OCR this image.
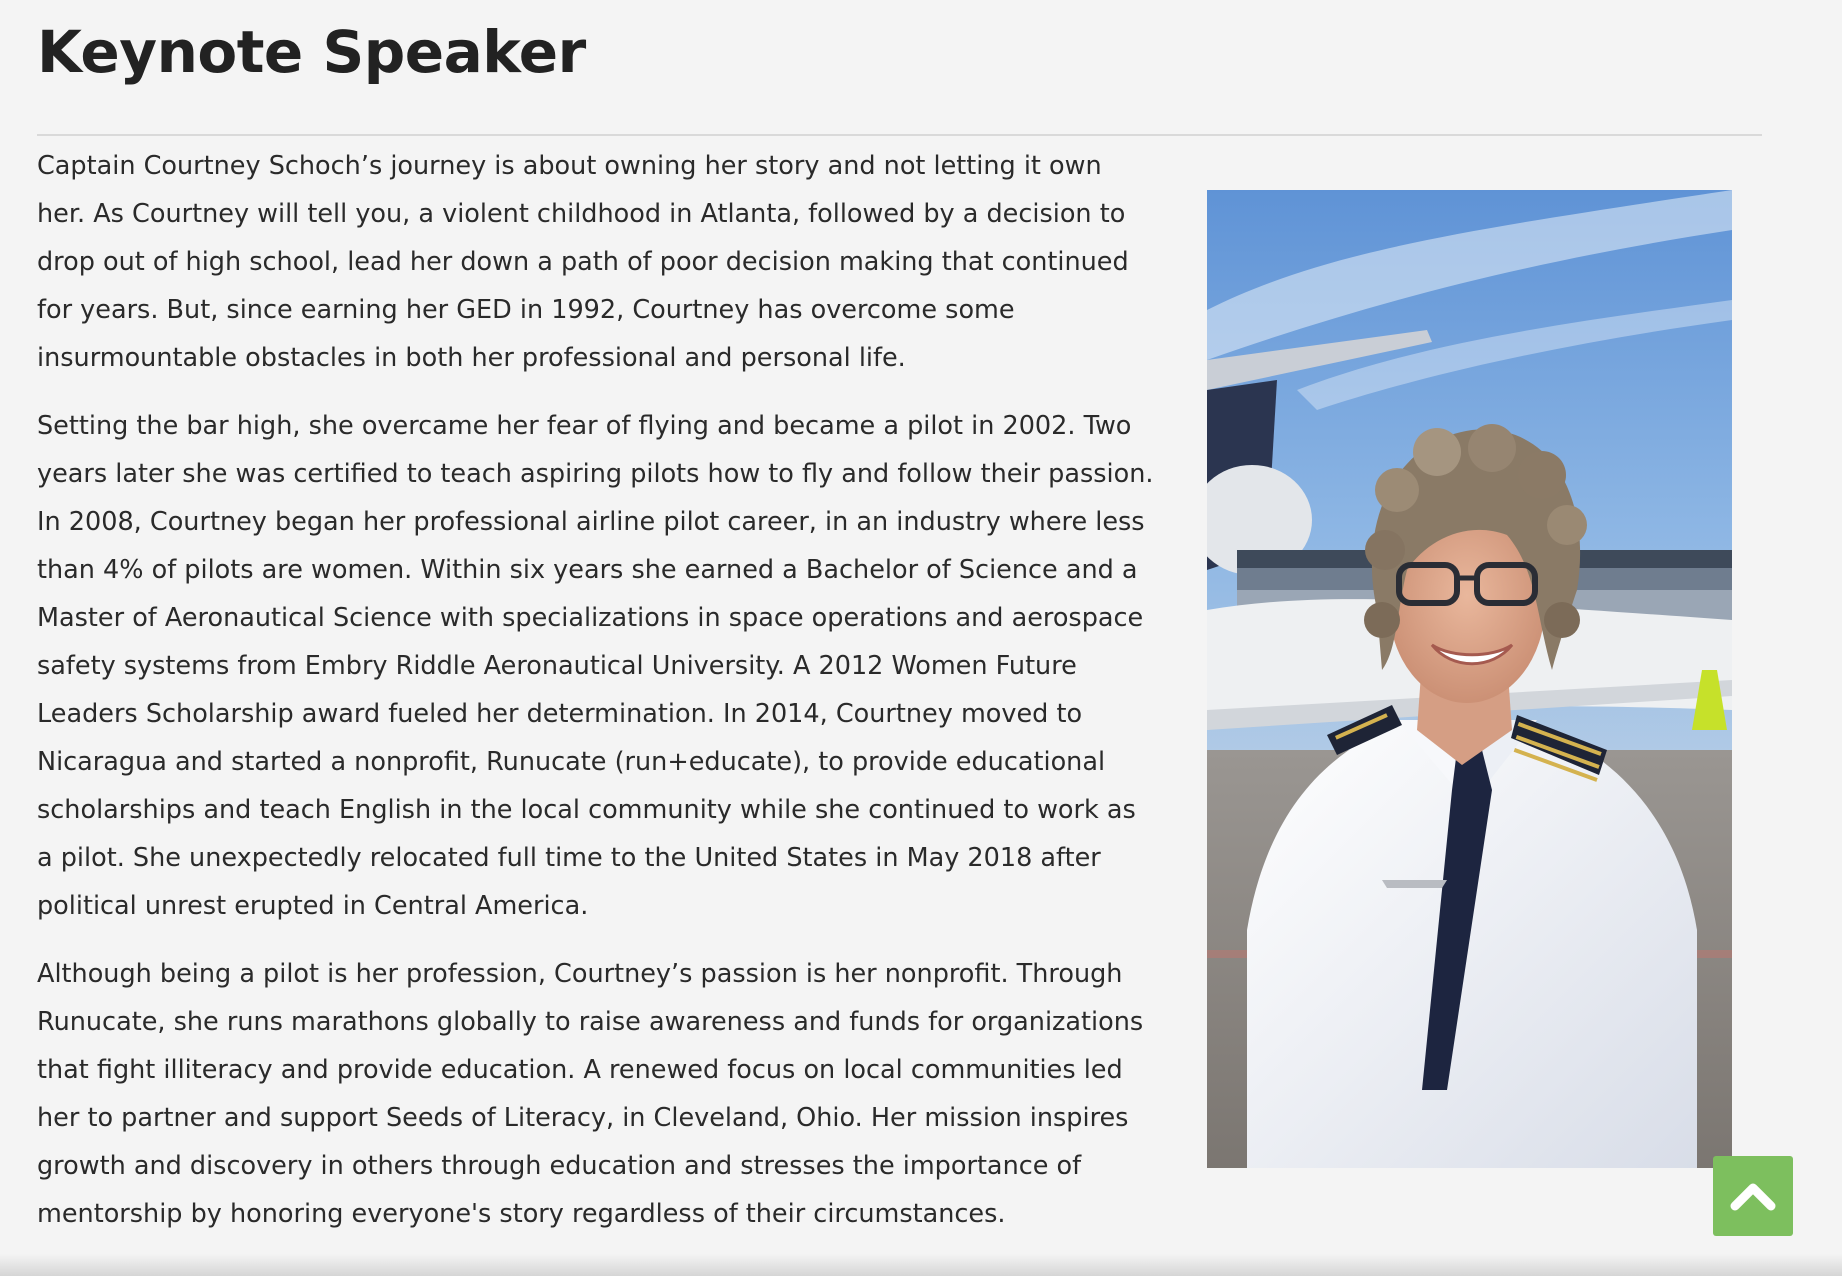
Keynote Speaker

Captain Courtney Schoch’s journey is about owning her story and not letting it own her. As Courtney will tell you, a violent childhood in Atlanta, followed by a decision to drop out of high school, lead her down a path of poor decision making that continued for years. But, since earning her GED in 1992, Courtney has overcome some insurmountable obstacles in both her professional and personal life.

Setting the bar high, she overcame her fear of flying and became a pilot in 2002. Two years later she was certified to teach aspiring pilots how to fly and follow their passion. In 2008, Courtney began her professional airline pilot career, in an industry where less than 4% of pilots are women. Within six years she earned a Bachelor of Science and a Master of Aeronautical Science with specializations in space operations and aerospace safety systems from Embry Riddle Aeronautical University. A 2012 Women Future Leaders Scholarship award fueled her determination. In 2014, Courtney moved to Nicaragua and started a nonprofit, Runucate (run+educate), to provide educational scholarships and teach English in the local community while she continued to work as a pilot. She unexpectedly relocated full time to the United States in May 2018 after political unrest erupted in Central America.

Although being a pilot is her profession, Courtney’s passion is her nonprofit. Through Runucate, she runs marathons globally to raise awareness and funds for organizations that fight illiteracy and provide education. A renewed focus on local communities led her to partner and support Seeds of Literacy, in Cleveland, Ohio. Her mission inspires growth and discovery in others through education and stresses the importance of mentorship by honoring everyone's story regardless of their circumstances.
